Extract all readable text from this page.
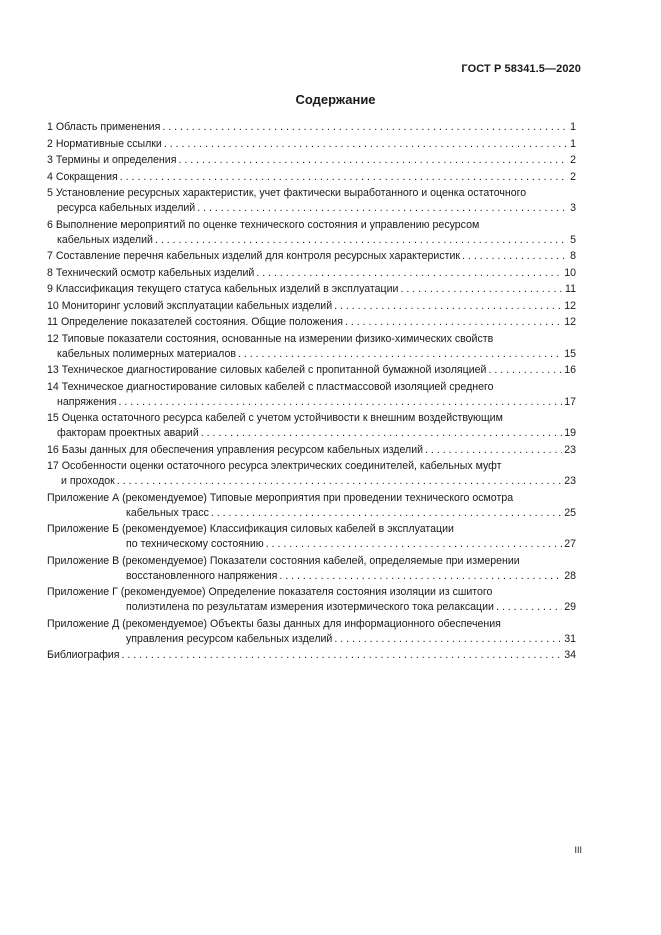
ГОСТ Р 58341.5—2020
Содержание
1 Область применения . . .	1
2 Нормативные ссылки . . .	1
3 Термины и определения . . .	2
4 Сокращения . . .	2
5 Установление ресурсных характеристик, учет фактически выработанного и оценка остаточного
ресурса кабельных изделий . . .	3
6 Выполнение мероприятий по оценке технического состояния и управлению ресурсом
кабельных изделий . . .	5
7 Составление перечня кабельных изделий для контроля ресурсных характеристик . . .	8
8 Технический осмотр кабельных изделий . . .	10
9 Классификация текущего статуса кабельных изделий в эксплуатации . . .	11
10 Мониторинг условий эксплуатации кабельных изделий . . .	12
11 Определение показателей состояния. Общие положения . . .	12
12 Типовые показатели состояния, основанные на измерении физико-химических свойств
кабельных полимерных материалов . . .	15
13 Техническое диагностирование силовых кабелей с пропитанной бумажной изоляцией . . .	16
14 Техническое диагностирование силовых кабелей с пластмассовой изоляцией среднего
напряжения . . .	17
15 Оценка остаточного ресурса кабелей с учетом устойчивости к внешним воздействующим
факторам проектных аварий . . .	19
16 Базы данных для обеспечения управления ресурсом кабельных изделий . . .	23
17 Особенности оценки остаточного ресурса электрических соединителей, кабельных муфт
и проходок . . .	23
Приложение А (рекомендуемое) Типовые мероприятия при проведении технического осмотра
кабельных трасс . . .	25
Приложение Б (рекомендуемое) Классификация силовых кабелей в эксплуатации
по техническому состоянию . . .	27
Приложение В (рекомендуемое) Показатели состояния кабелей, определяемые при измерении
восстановленного напряжения . . .	28
Приложение Г (рекомендуемое) Определение показателя состояния изоляции из сшитого
полиэтилена по результатам измерения изотермического тока релаксации . . .	29
Приложение Д (рекомендуемое) Объекты базы данных для информационного обеспечения
управления ресурсом кабельных изделий . . .	31
Библиография . . .	34
III
